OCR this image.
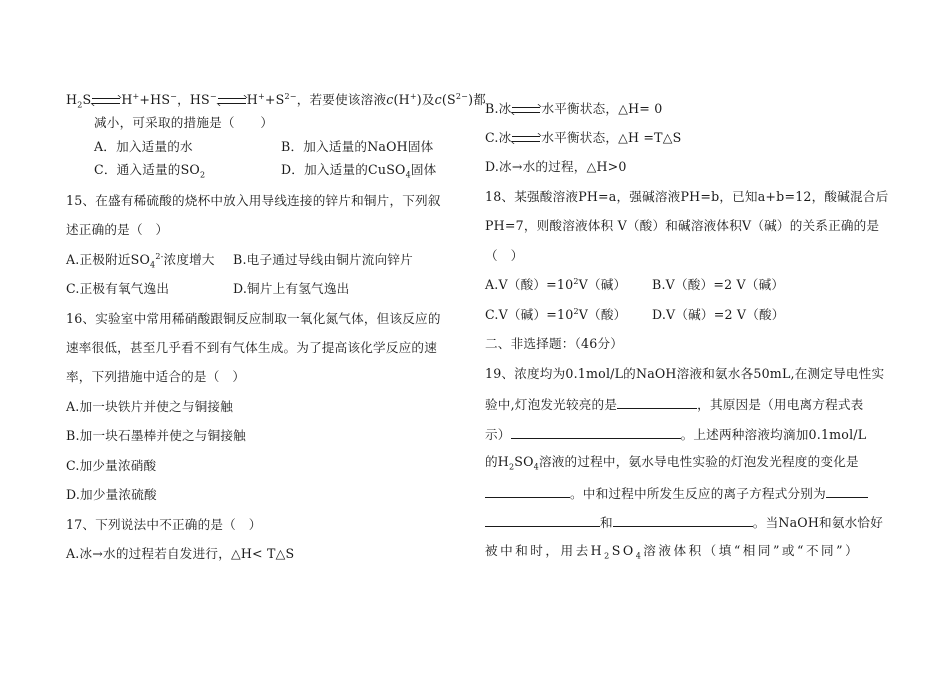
$H_2S$ H++HS−，HS− $H^++S^{2-}$，若要使该溶液c(H+)及$c(S^{2-})$都
减小，可采取的措施是（　　）
A．加入适量的水	B．加入适量的NaOH固体
C．通入适量的$SO_2$	D．加入适量的CuSO$_4$固体
15、在盛有稀硫酸的烧杯中放入用导线连接的锌片和铜片，下列叙
述正确的是（　）
A.正极附近$SO_4^{2-}$浓度增大 B.电子通过导线由铜片流向锌片
C.正极有氧气逸出	D.铜片上有氢气逸出
16、实验室中常用稀硝酸跟铜反应制取一氧化氮气体，但该反应的
速率很低，甚至几乎看不到有气体生成。为了提高该化学反应的速
率，下列措施中适合的是（　）
A.加一块铁片并使之与铜接触
B.加一块石墨棒并使之与铜接触
C.加少量浓硝酸
D.加少量浓硫酸
17、下列说法中不正确的是（　）
A.冰→水的过程若自发进行，△H< T△S
B.冰 水平衡状态，△H= 0
C.冰 水平衡状态，△H =T△S
D.冰→水的过程，△H>0
18、某强酸溶液PH=a，强碱溶液PH=b，已知a+b=12，酸碱混合后
PH=7，则酸溶液体积 V（酸）和碱溶液体积V（碱）的关系正确的是
（　）
A.V（酸）$=10^2V$（碱） B.V（酸）=2 V（碱）
C.V（碱）$=10^2V$（酸） D.V（碱）=2 V（酸）
二、非选择题：（46分）
19、浓度均为0.1mol/L的NaOH溶液和氨水各50mL,在测定导电性实
验中,灯泡发光较亮的是	，其原因是（用电离方程式表
示）	。上述两种溶液均滴加0.1mol/L
的$H_2SO_4$溶液的过程中，氨水导电性实验的灯泡发光程度的变化是
。中和过程中所发生反应的离子方程式分别为
和	。当NaOH和氨水恰好
被中和时，用去$H_2SO_4$溶液体积（填“相同”或“不同”）
